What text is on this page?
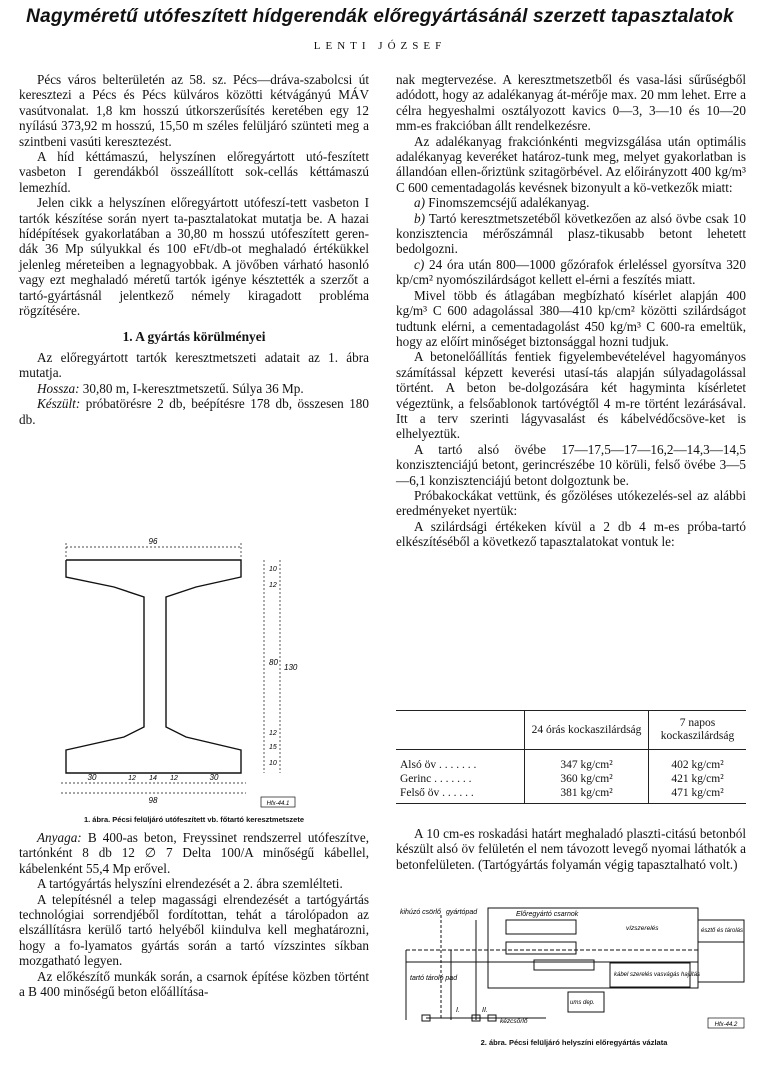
Nagyméretű utófeszített hídgerendák előregyártásánál szerzett tapasztalatok
LENTI JÓZSEF

Pécs város belterületén az 58. sz. Pécs—dráva-szabolcsi út keresztezi a Pécs és Pécs külváros közötti kétvágányú MÁV vasútvonalat. 1,8 km hosszú útkorszerűsítés keretében egy 12 nyílású 373,92 m hosszú, 15,50 m széles felüljáró szünteti meg a szintbeni vasúti keresztezést.

A híd kéttámaszú, helyszínen előregyártott utó-feszített vasbeton I gerendákból összeállított sok-cellás kéttámaszú lemezhíd.

Jelen cikk a helyszínen előregyártott utófeszí-tett vasbeton I tartók készítése során nyert ta-pasztalatokat mutatja be. A hazai hídépítések gyakorlatában a 30,80 m hosszú utófeszített geren-dák 36 Mp súlyukkal és 100 eFt/db-ot meghaladó értékükkel jelenleg méreteiben a legnagyobbak. A jövőben várható hasonló vagy ezt meghaladó méretű tartók igénye késztették a szerzőt a tartó-gyártásnál jelentkező némely kiragadott probléma rögzítésére.

1. A gyártás körülményei

Az előregyártott tartók keresztmetszeti adatait az 1. ábra mutatja.

Hossza: 30,80 m, I-keresztmetszetű. Súlya 36 Mp.

Készült: próbatörésre 2 db, beépítésre 178 db, összesen 180 db.

96
30	12 14 12	30
98
10
12
80
12
15
10
130
Hfx-44.1
1. ábra. Pécsi felüljáró utófeszített vb. főtartó keresztmetszete

Anyaga: B 400-as beton, Freyssinet rendszerrel utófeszítve, tartónként 8 db 12 ∅ 7 Delta 100/A minőségű kábellel, kábelenként 55,4 Mp erővel.

A tartógyártás helyszíni elrendezését a 2. ábra szemlélteti.

A telepítésnél a telep magassági elrendezését a tartógyártás technológiai sorrendjéből fordítottan, tehát a tárolópadon az elszállításra kerülő tartó helyéből kiindulva kell meghatározni, hogy a fo-lyamatos gyártás során a tartó vízszintes síkban mozgatható legyen.

Az előkészítő munkák során, a csarnok építése közben történt a B 400 minőségű beton előállítása-

nak megtervezése. A keresztmetszetből és vasa-lási sűrűségből adódott, hogy az adalékanyag át-mérője max. 20 mm lehet. Erre a célra hegyeshalmi osztályozott kavics 0—3, 3—10 és 10—20 mm-es frakcióban állt rendelkezésre.

Az adalékanyag frakciónkénti megvizsgálása után optimális adalékanyag keveréket határoz-tunk meg, melyet gyakorlatban is állandóan ellen-őriztünk szitagörbével. Az előirányzott 400 kg/m³ C 600 cementadagolás kevésnek bizonyult a kö-vetkezők miatt:

a) Finomszemcséjű adalékanyag.

b) Tartó keresztmetszetéből következően az alsó övbe csak 10 konzisztencia mérőszámnál plasz-tikusabb betont lehetett bedolgozni.

c) 24 óra után 800—1000 gőzórafok érleléssel gyorsítva 320 kp/cm² nyomószilárdságot kellett el-érni a feszítés miatt.

Mivel több és átlagában megbízható kísérlet alapján 400 kg/m³ C 600 adagolással 380—410 kp/cm² közötti szilárdságot tudtunk elérni, a cementadagolást 450 kg/m³ C 600-ra emeltük, hogy az előírt minőséget biztonsággal hozni tudjuk.

A betonelőállítás fentiek figyelembevételével hagyományos számítással képzett keverési utasí-tás alapján súlyadagolással történt. A beton be-dolgozására két hagyminta kísérletet végeztünk, a felsőablonok tartóvégtől 4 m-re történt lezárásával. Itt a terv szerinti lágyvasalást és kábelvédőcsöve-ket is elhelyeztük.

A tartó alsó övébe 17—17,5—17—16,2—14,3—14,5 konzisztenciájú betont, gerincrészébe 10 körüli, felső övébe 3—5—6,1 konzisztenciájú betont dolgoztunk be.

Próbakockákat vettünk, és gőzöléses utókezelés-sel az alábbi eredményeket nyertük:

A szilárdsági értékeken kívül a 2 db 4 m-es próba-tartó elkészítéséből a következő tapasztalatokat vontuk le:

	24 órás kockaszilárdság	7 napos kockaszilárdság

Alsó öv . . . . . . .	347 kg/cm²	402 kg/cm²
Gerinc . . . . . . .	360 kg/cm²	421 kg/cm²
Felső öv . . . . . .	381 kg/cm²	471 kg/cm²

A 10 cm-es roskadási határt meghaladó plaszti-citású betonból készült alsó öv felületén el nem távozott levegő nyomai láthatók a betonfelületen. (Tartógyártás folyamán végig tapasztalható volt.)

kihúzó csörlő gyártópad	Előregyártó csarnok
vízszerelés	észtő és tárolás
kábel szerelés vasvágás hajlítás
tartó tároló pad
kézcsörlő
ums dep.
I.	II.
Hfx-44.2
2. ábra. Pécsi felüljáró helyszíni előregyártás vázlata
